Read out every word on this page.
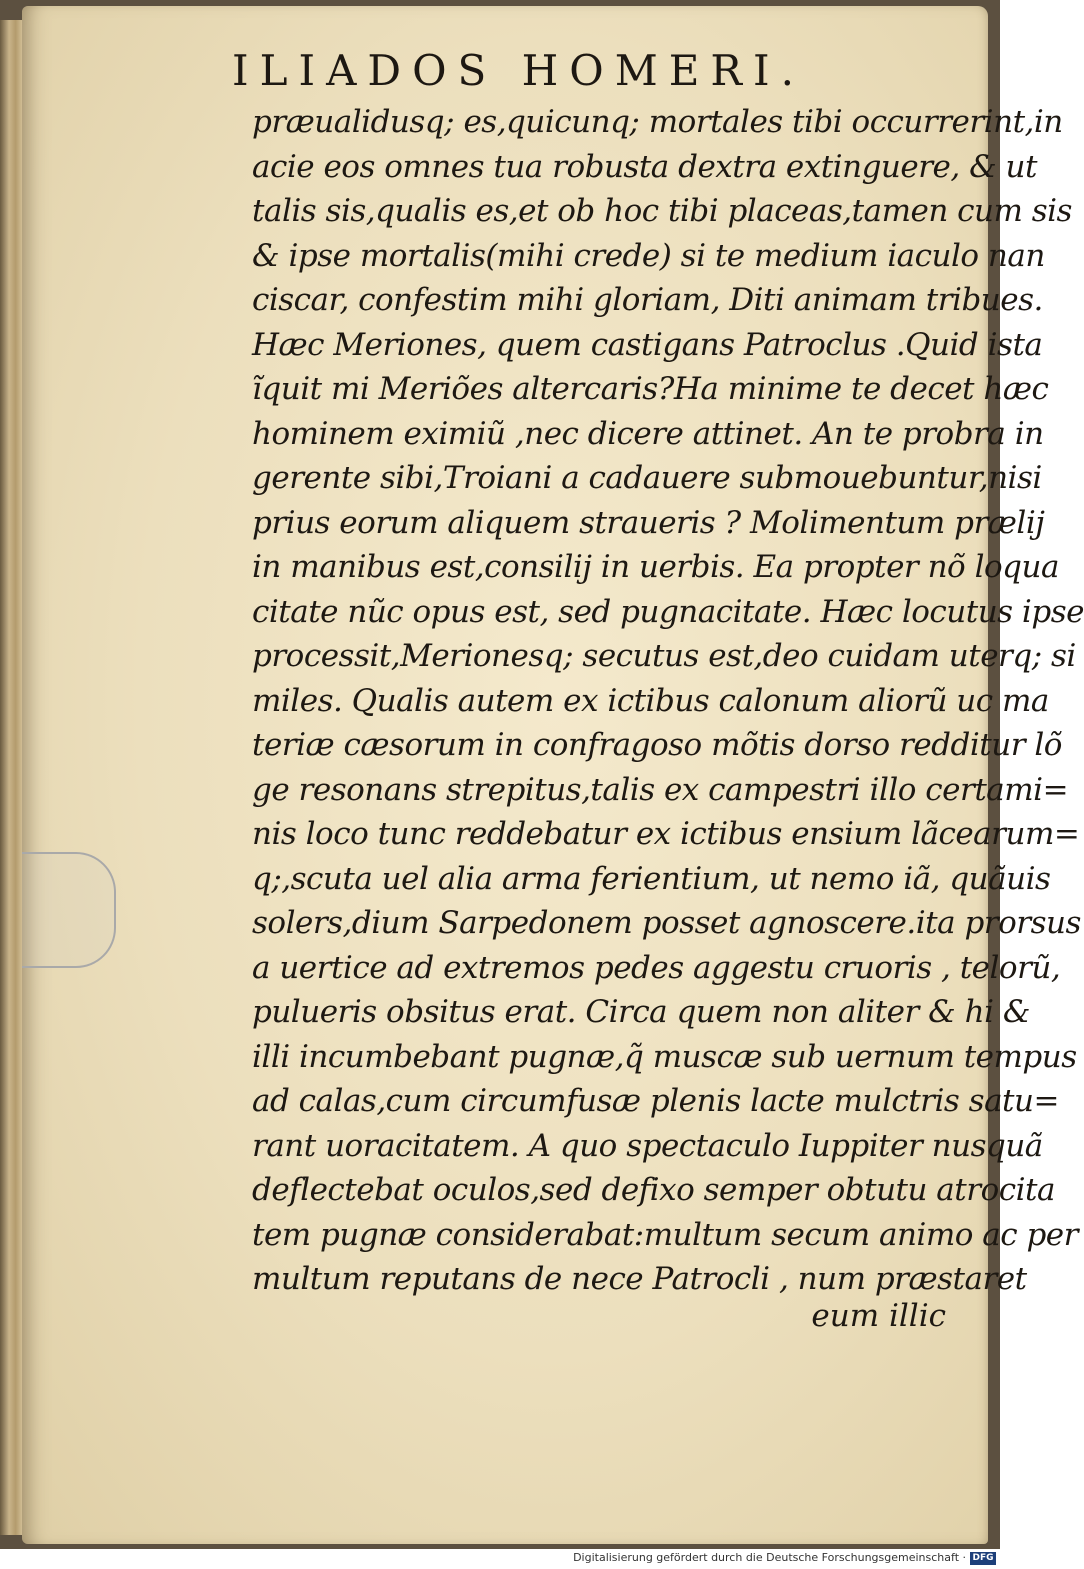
ILIADOS HOMERI.
præualidusq; es,quicunq; mortales tibi occurrerint,in
acie eos omnes tua robusta dextra extinguere, & ut
talis sis,qualis es,et ob hoc tibi placeas,tamen cum sis
& ipse mortalis(mihi crede) si te medium iaculo nan
ciscar, confestim mihi gloriam, Diti animam tribues.
Hæc Meriones, quem castigans Patroclus .Quid ista
ĩquit mi Meriões altercaris?Ha minime te decet hæc
hominem eximiũ ,nec dicere attinet. An te probra in
gerente sibi,Troiani a cadauere submouebuntur,nisi
prius eorum aliquem straueris ? Molimentum prælij
in manibus est,consilij in uerbis. Ea propter nõ loqua
citate nũc opus est, sed pugnacitate. Hæc locutus ipse
processit,Merionesq; secutus est,deo cuidam uterq; si
miles. Qualis autem ex ictibus calonum aliorũ uc ma
teriæ cæsorum in confragoso mõtis dorso redditur lõ
ge resonans strepitus,talis ex campestri illo certami=
nis loco tunc reddebatur ex ictibus ensium lãcearum=
q;,scuta uel alia arma ferientium, ut nemo iã, quãuis
solers,dium Sarpedonem posset agnoscere.ita prorsus
a uertice ad extremos pedes aggestu cruoris , telorũ,
pulueris obsitus erat. Circa quem non aliter & hi &
illi incumbebant pugnæ,q̃ muscæ sub uernum tempus
ad calas,cum circumfusæ plenis lacte mulctris satu=
rant uoracitatem. A quo spectaculo Iuppiter nusquã
deflectebat oculos,sed defixo semper obtutu atrocita
tem pugnæ considerabat:multum secum animo ac per
multum reputans de nece Patrocli , num præstaret
eum illic
Digitalisierung gefördert durch die Deutsche Forschungsgemeinschaft · DFG
